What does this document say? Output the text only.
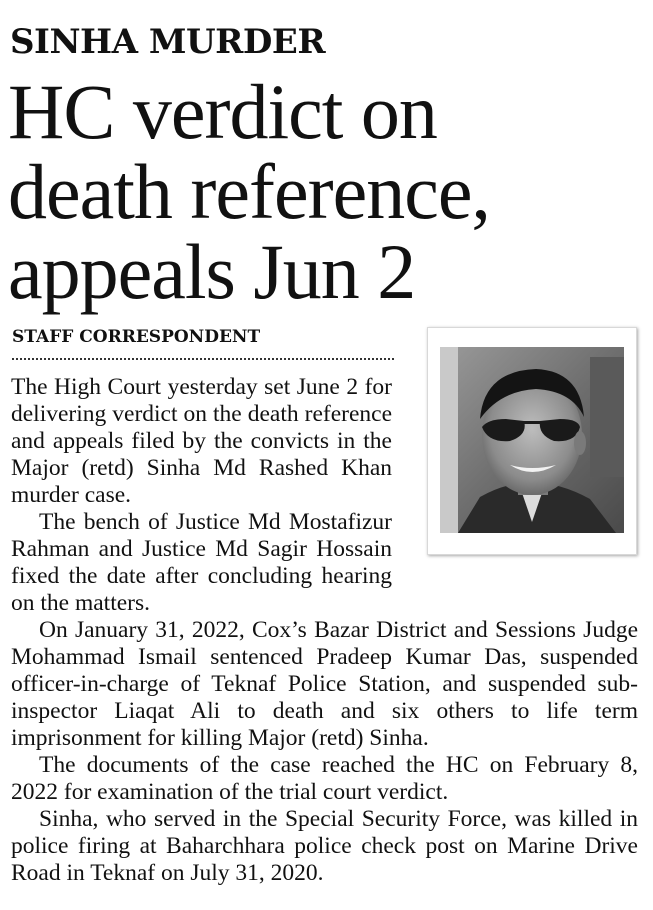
SINHA MURDER
HC verdict on
death reference,
appeals Jun 2
STAFF CORRESPONDENT

The High Court yesterday set June 2 for delivering verdict on the death reference and appeals filed by the convicts in the Major (retd) Sinha Md Rashed Khan murder case.

The bench of Justice Md Mostafizur Rahman and Justice Md Sagir Hossain fixed the date after concluding hearing on the matters.

On January 31, 2022, Cox’s Bazar District and Sessions Judge Mohammad Ismail sentenced Pradeep Kumar Das, suspended officer-in-charge of Teknaf Police Station, and suspended sub-inspector Liaqat Ali to death and six others to life term imprisonment for killing Major (retd) Sinha.

The documents of the case reached the HC on February 8, 2022 for examination of the trial court verdict.

Sinha, who served in the Special Security Force, was killed in police firing at Baharchhara police check post on Marine Drive Road in Teknaf on July 31, 2020.
